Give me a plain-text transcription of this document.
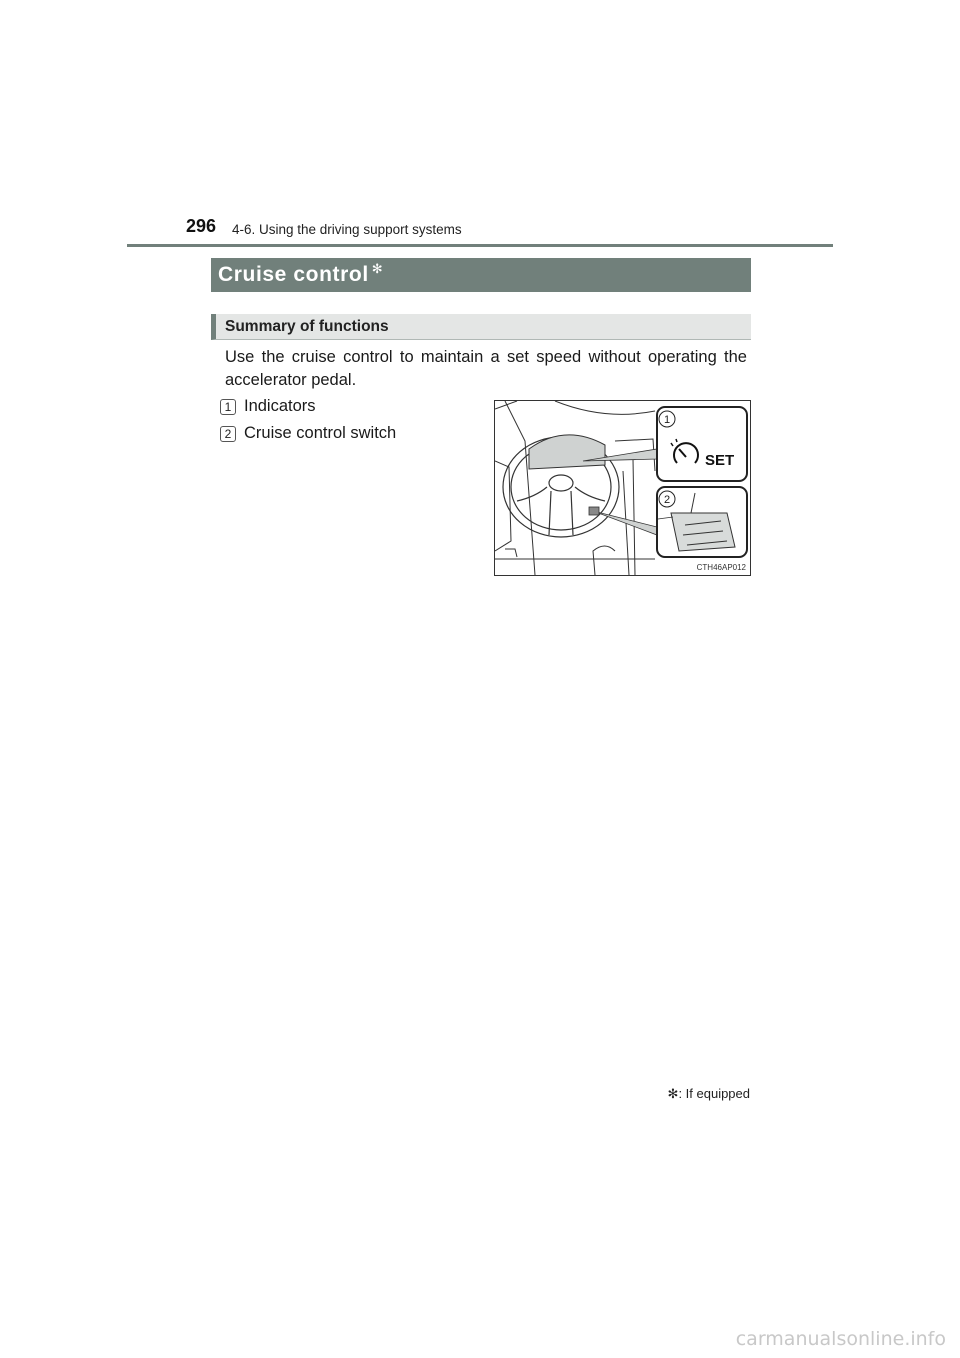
296 4-6. Using the driving support systems
Cruise control ✻
Summary of functions

Use the cruise control to maintain a set speed without operating the accelerator pedal.

1 Indicators
2 Cruise control switch
1
2
SET
CTH46AP012
✻: If equipped
carmanualsonline.info
